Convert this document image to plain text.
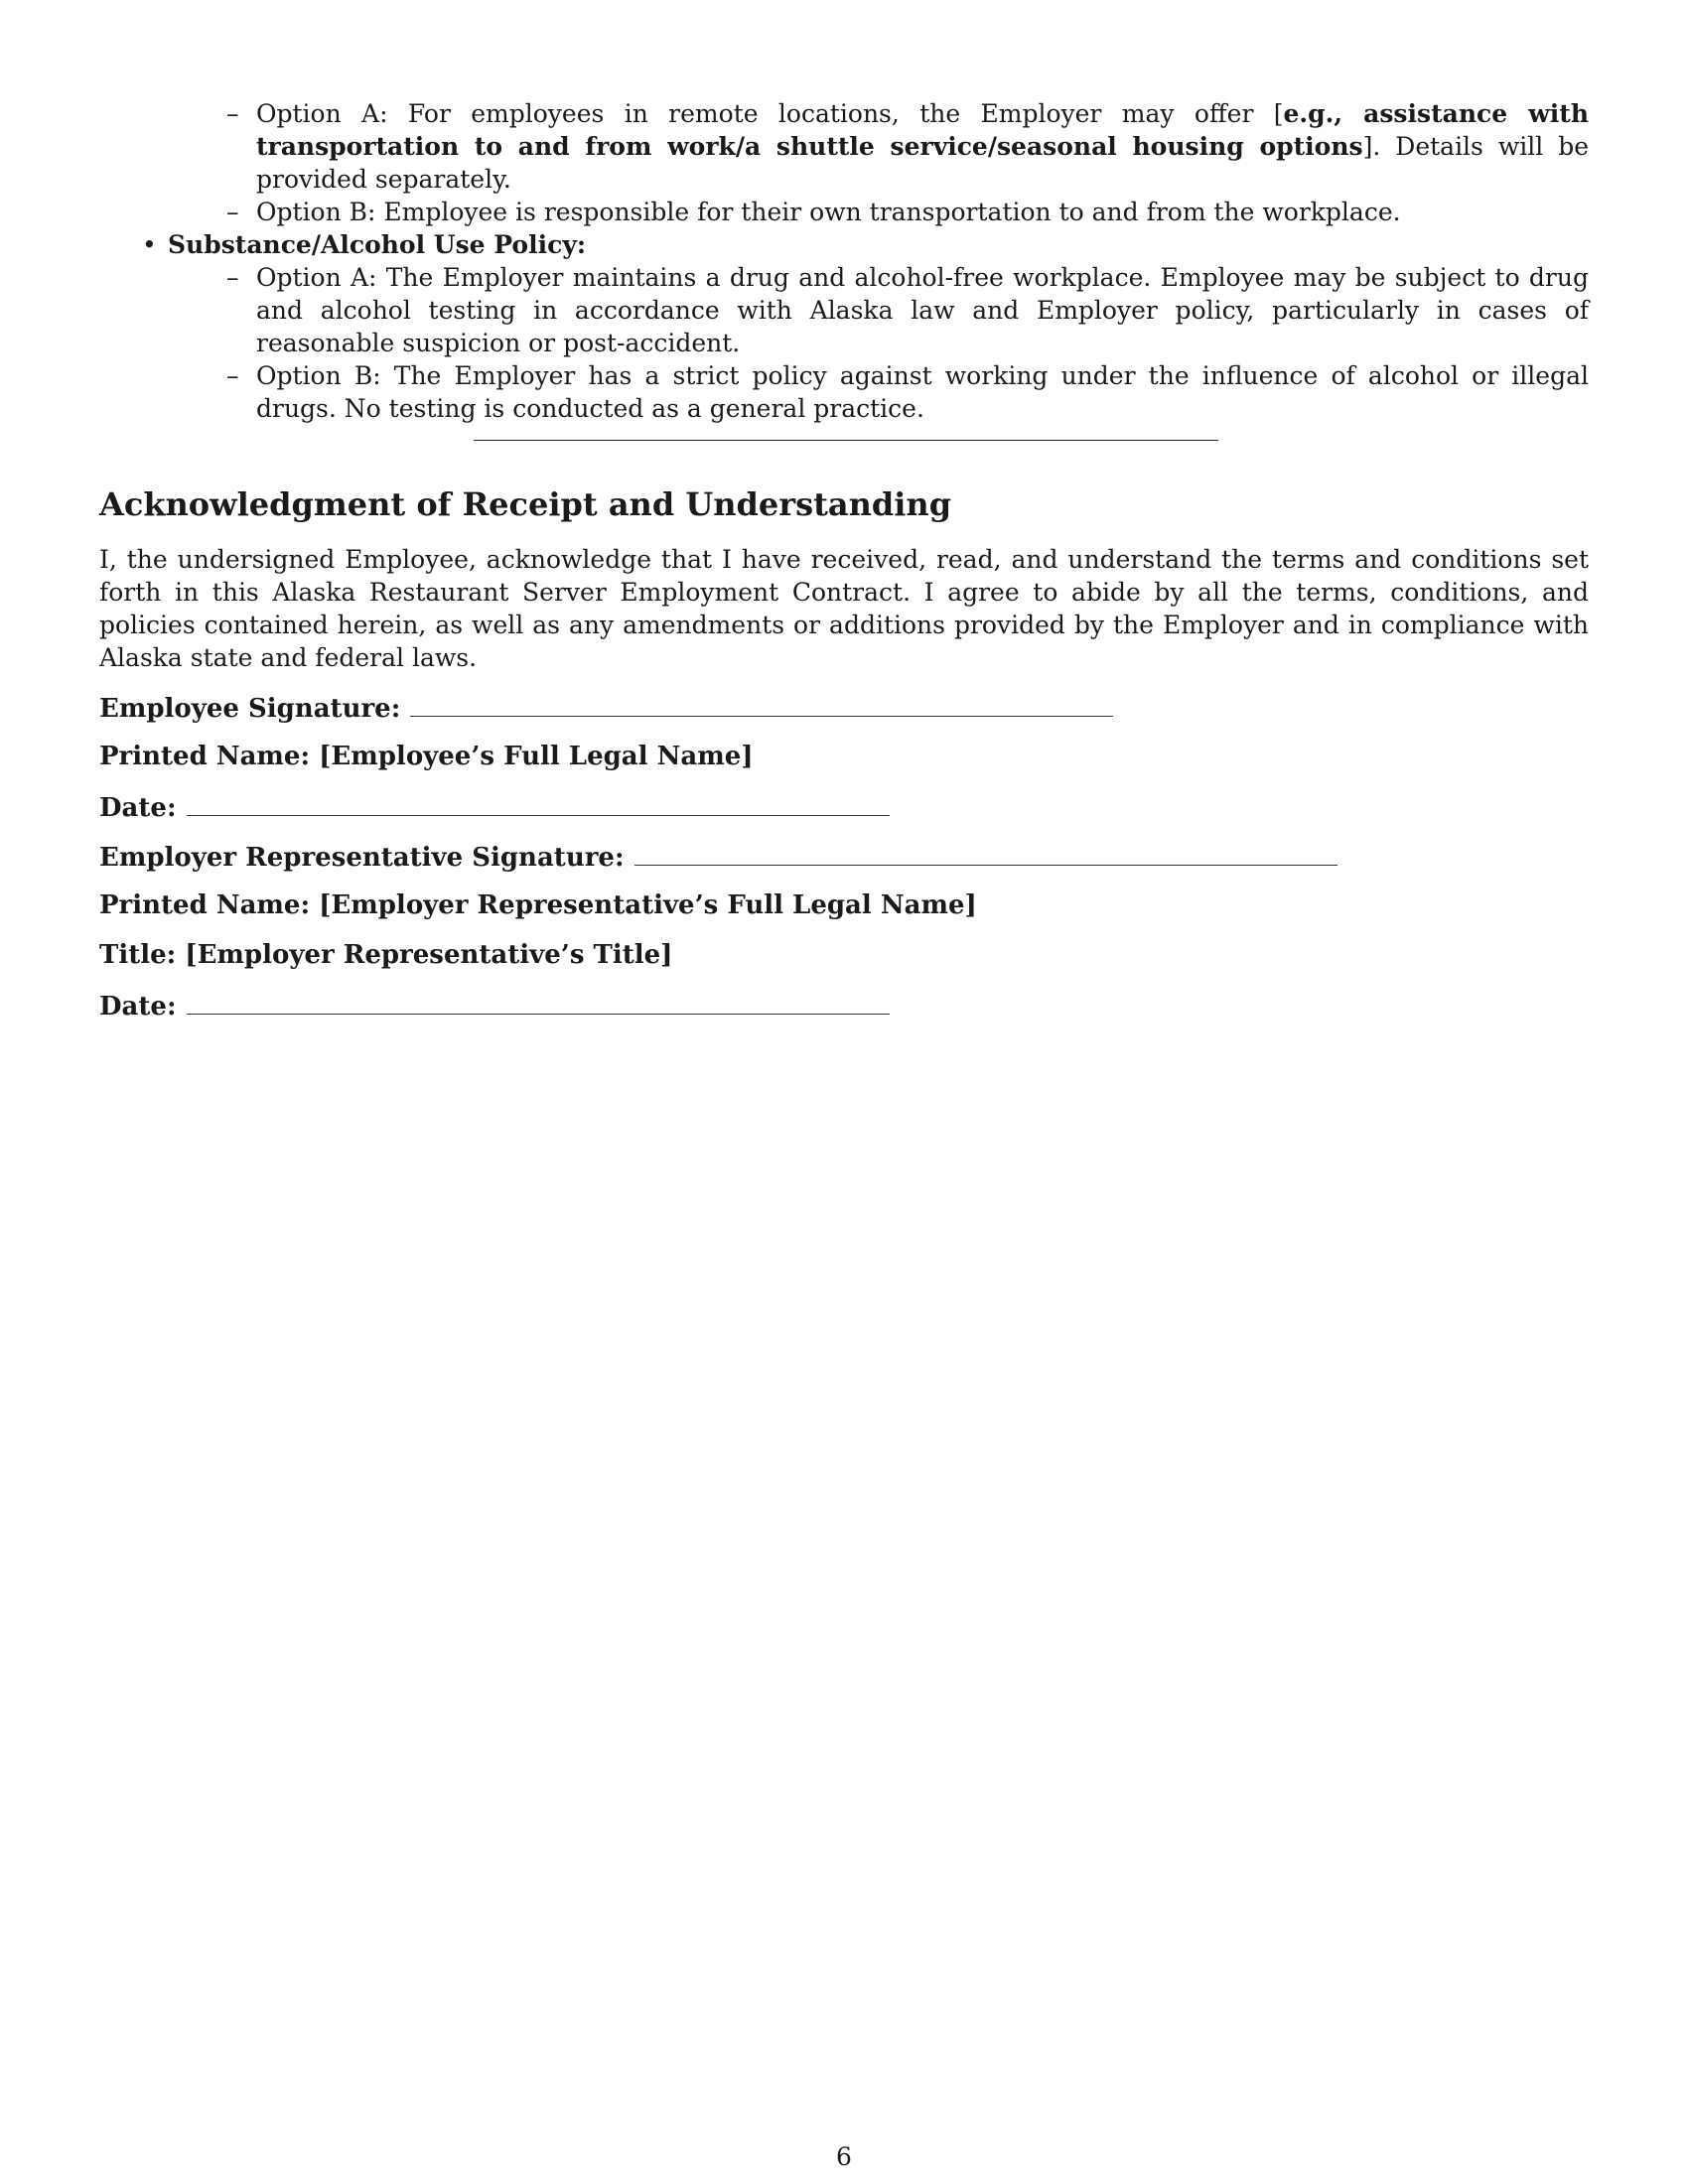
– Option A: For employees in remote locations, the Employer may offer [e.g., assistance with transportation to and from work/a shuttle service/seasonal housing options]. Details will be provided separately.
– Option B: Employee is responsible for their own transportation to and from the workplace.
• Substance/Alcohol Use Policy:
– Option A: The Employer maintains a drug and alcohol-free workplace. Employee may be subject to drug and alcohol testing in accordance with Alaska law and Employer policy, particularly in cases of reasonable suspicion or post-accident.
– Option B: The Employer has a strict policy against working under the influence of alcohol or illegal drugs. No testing is conducted as a general practice.
Acknowledgment of Receipt and Understanding

I, the undersigned Employee, acknowledge that I have received, read, and understand the terms and conditions set forth in this Alaska Restaurant Server Employment Contract. I agree to abide by all the terms, conditions, and policies contained herein, as well as any amendments or additions provided by the Employer and in compliance with Alaska state and federal laws.

Employee Signature:
Printed Name: [Employee’s Full Legal Name]
Date:
Employer Representative Signature:
Printed Name: [Employer Representative’s Full Legal Name]
Title: [Employer Representative’s Title]
Date:
6
